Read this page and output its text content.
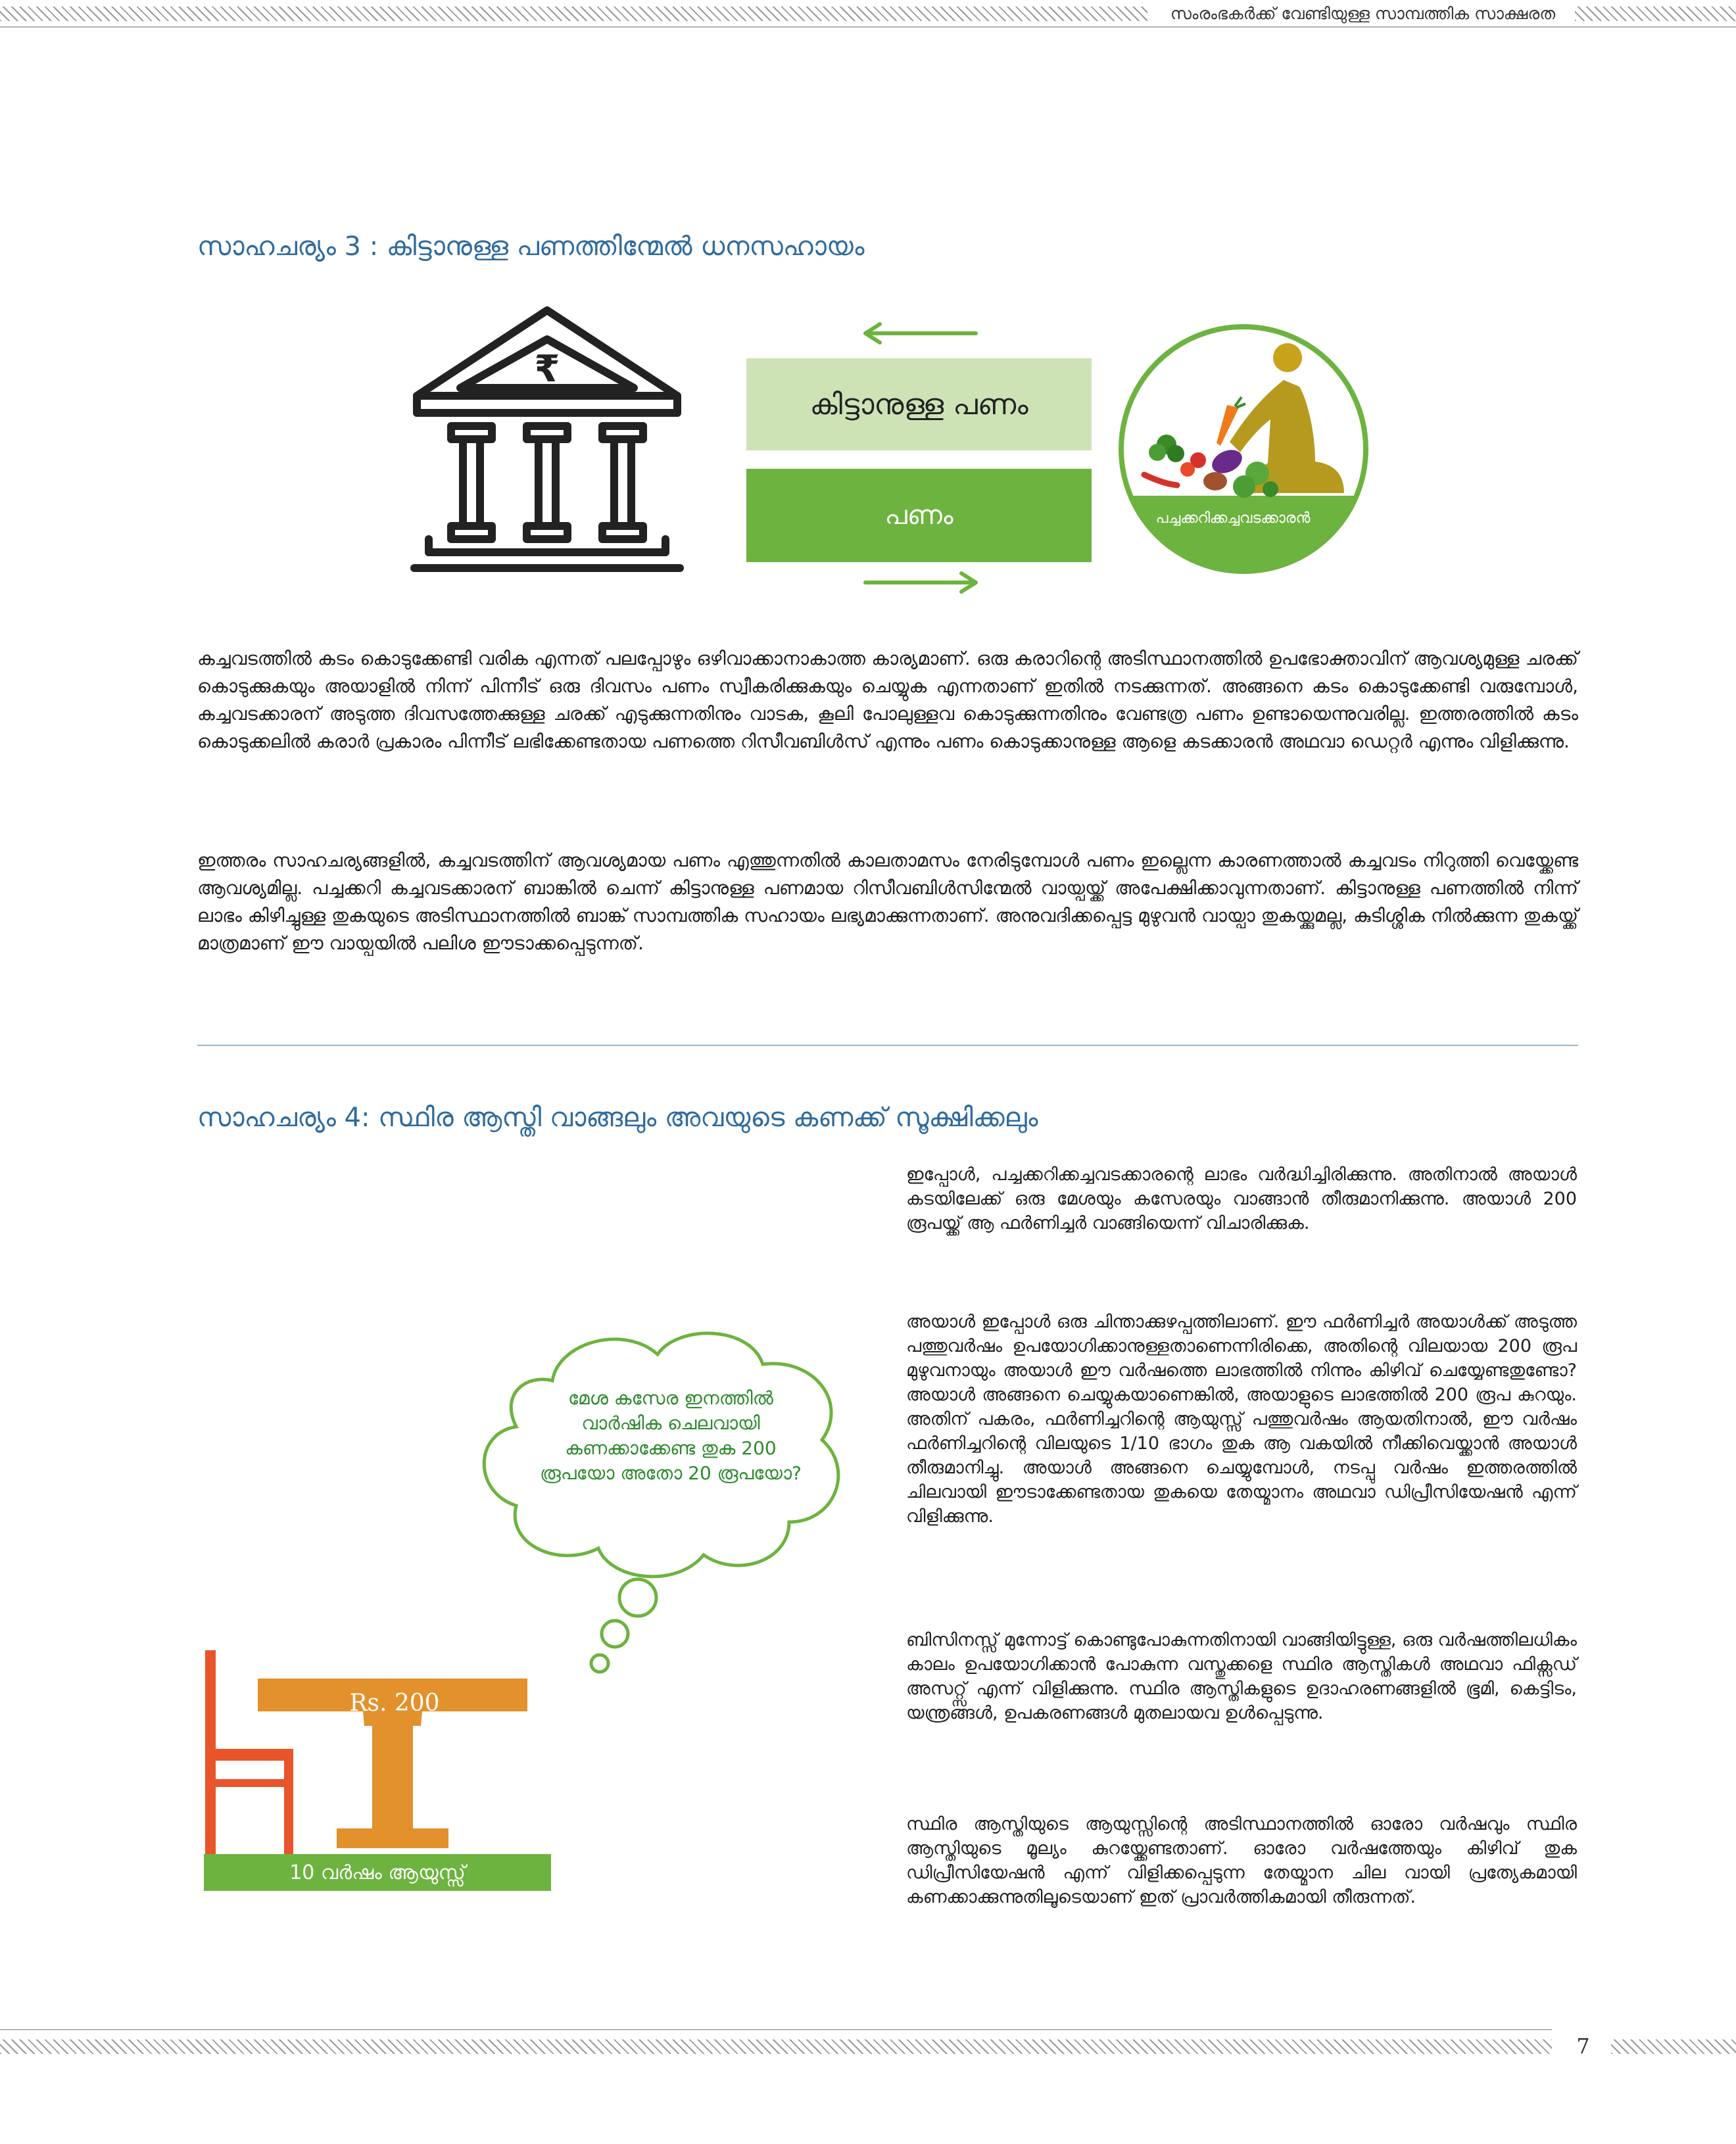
സംരംഭകർക്ക് വേണ്ടിയുള്ള സാമ്പത്തിക സാക്ഷരത
സാഹചര്യം 3 : കിട്ടാനുള്ള പണത്തിന്മേൽ ധനസഹായം
₹
കിട്ടാനുള്ള പണം
പണം	പച്ചക്കറിക്കച്ചവടക്കാരൻ

കച്ചവടത്തിൽ കടം കൊടുക്കേണ്ടി വരിക എന്നത് പലപ്പോഴും ഒഴിവാക്കാനാകാത്ത കാര്യമാണ്. ഒരു കരാറിന്റെ അടിസ്ഥാനത്തിൽ ഉപഭോക്താവിന് ആവശ്യമുള്ള ചരക്ക് കൊടുക്കുകയും അയാളിൽ നിന്ന് പിന്നീട് ഒരു ദിവസം പണം സ്വീകരിക്കുകയും ചെയ്യുക എന്നതാണ് ഇതിൽ നടക്കുന്നത്. അങ്ങനെ കടം കൊടുക്കേണ്ടി വരുമ്പോൾ, കച്ചവടക്കാരന് അടുത്ത ദിവസത്തേക്കുള്ള ചരക്ക് എടുക്കുന്നതിനും വാടക, കൂലി പോലുള്ളവ കൊടുക്കുന്നതിനും വേണ്ടത്ര പണം ഉണ്ടായെന്നുവരില്ല. ഇത്തരത്തിൽ കടം കൊടുക്കലിൽ കരാർ പ്രകാരം പിന്നീട് ലഭിക്കേണ്ടതായ പണത്തെ റിസീവബിൾസ് എന്നും പണം കൊടുക്കാനുള്ള ആളെ കടക്കാരൻ അഥവാ ഡെറ്റർ എന്നും വിളിക്കുന്നു.

ഇത്തരം സാഹചര്യങ്ങളിൽ, കച്ചവടത്തിന് ആവശ്യമായ പണം എത്തുന്നതിൽ കാലതാമസം നേരിടുമ്പോൾ പണം ഇല്ലെന്ന കാരണത്താൽ കച്ചവടം നിറുത്തി വെയ്ക്കേണ്ട ആവശ്യമില്ല. പച്ചക്കറി കച്ചവടക്കാരന് ബാങ്കിൽ ചെന്ന് കിട്ടാനുള്ള പണമായ റിസീവബിൾസിന്മേൽ വായ്പയ്ക്ക് അപേക്ഷിക്കാവുന്നതാണ്. കിട്ടാനുള്ള പണത്തിൽ നിന്ന് ലാഭം കിഴിച്ചുള്ള തുകയുടെ അടിസ്ഥാനത്തിൽ ബാങ്ക് സാമ്പത്തിക സഹായം ലഭ്യമാക്കുന്നതാണ്. അനുവദിക്കപ്പെട്ട മുഴുവൻ വായ്പാ തുകയ്ക്കുമല്ല, കുടിശ്ശിക നിൽക്കുന്ന തുകയ്ക്ക് മാത്രമാണ് ഈ വായ്പയിൽ പലിശ ഈടാക്കപ്പെടുന്നത്.

സാഹചര്യം 4: സ്ഥിര ആസ്തി വാങ്ങലും അവയുടെ കണക്ക് സൂക്ഷിക്കലും
മേശ കസേര ഇനത്തിൽ വാർഷിക ചെലവായി കണക്കാക്കേണ്ട തുക 200 രൂപയോ അതോ 20 രൂപയോ?
Rs. 200
10 വർഷം ആയുസ്സ്

ഇപ്പോൾ, പച്ചക്കറിക്കച്ചവടക്കാരന്റെ ലാഭം വർദ്ധിച്ചിരിക്കുന്നു. അതിനാൽ അയാൾ കടയിലേക്ക് ഒരു മേശയും കസേരയും വാങ്ങാൻ തീരുമാനിക്കുന്നു. അയാൾ 200 രൂപയ്ക്ക് ആ ഫർണിച്ചർ വാങ്ങിയെന്ന് വിചാരിക്കുക.

അയാൾ ഇപ്പോൾ ഒരു ചിന്താക്കുഴപ്പത്തിലാണ്. ഈ ഫർണിച്ചർ അയാൾക്ക് അടുത്ത പത്തുവർഷം ഉപയോഗിക്കാനുള്ളതാണെന്നിരിക്കെ, അതിന്റെ വിലയായ 200 രൂപ മുഴുവനായും അയാൾ ഈ വർഷത്തെ ലാഭത്തിൽ നിന്നും കിഴിവ് ചെയ്യേണ്ടതുണ്ടോ? അയാൾ അങ്ങനെ ചെയ്യുകയാണെങ്കിൽ, അയാളുടെ ലാഭത്തിൽ 200 രൂപ കുറയും. അതിന് പകരം, ഫർണിച്ചറിന്റെ ആയുസ്സ് പത്തുവർഷം ആയതിനാൽ, ഈ വർഷം ഫർണിച്ചറിന്റെ വിലയുടെ 1/10 ഭാഗം തുക ആ വകയിൽ നീക്കിവെയ്ക്കാൻ അയാൾ തീരുമാനിച്ചു. അയാൾ അങ്ങനെ ചെയ്യുമ്പോൾ, നടപ്പു വർഷം ഇത്തരത്തിൽ ചിലവായി ഈടാക്കേണ്ടതായ തുകയെ തേയ്മാനം അഥവാ ഡിപ്രീസിയേഷൻ എന്ന് വിളിക്കുന്നു.

ബിസിനസ്സ് മുന്നോട്ട് കൊണ്ടുപോകുന്നതിനായി വാങ്ങിയിട്ടുള്ള, ഒരു വർഷത്തിലധികം കാലം ഉപയോഗിക്കാൻ പോകുന്ന വസ്തുക്കളെ സ്ഥിര ആസ്തികൾ അഥവാ ഫിക്സഡ് അസറ്റ്സ് എന്ന് വിളിക്കുന്നു. സ്ഥിര ആസ്തികളുടെ ഉദാഹരണങ്ങളിൽ ഭൂമി, കെട്ടിടം, യന്ത്രങ്ങൾ, ഉപകരണങ്ങൾ മുതലായവ ഉൾപ്പെടുന്നു.

സ്ഥിര ആസ്തിയുടെ ആയുസ്സിന്റെ അടിസ്ഥാനത്തിൽ ഓരോ വർഷവും സ്ഥിര ആസ്തിയുടെ മൂല്യം കുറയ്ക്കേണ്ടതാണ്. ഓരോ വർഷത്തേയും കിഴിവ് തുക ഡിപ്രീസിയേഷൻ എന്ന് വിളിക്കപ്പെടുന്ന തേയ്മാന ചില വായി പ്രത്യേകമായി കണക്കാക്കുന്നുതിലൂടെയാണ് ഇത് പ്രാവർത്തികമായി തീരുന്നത്.

7
